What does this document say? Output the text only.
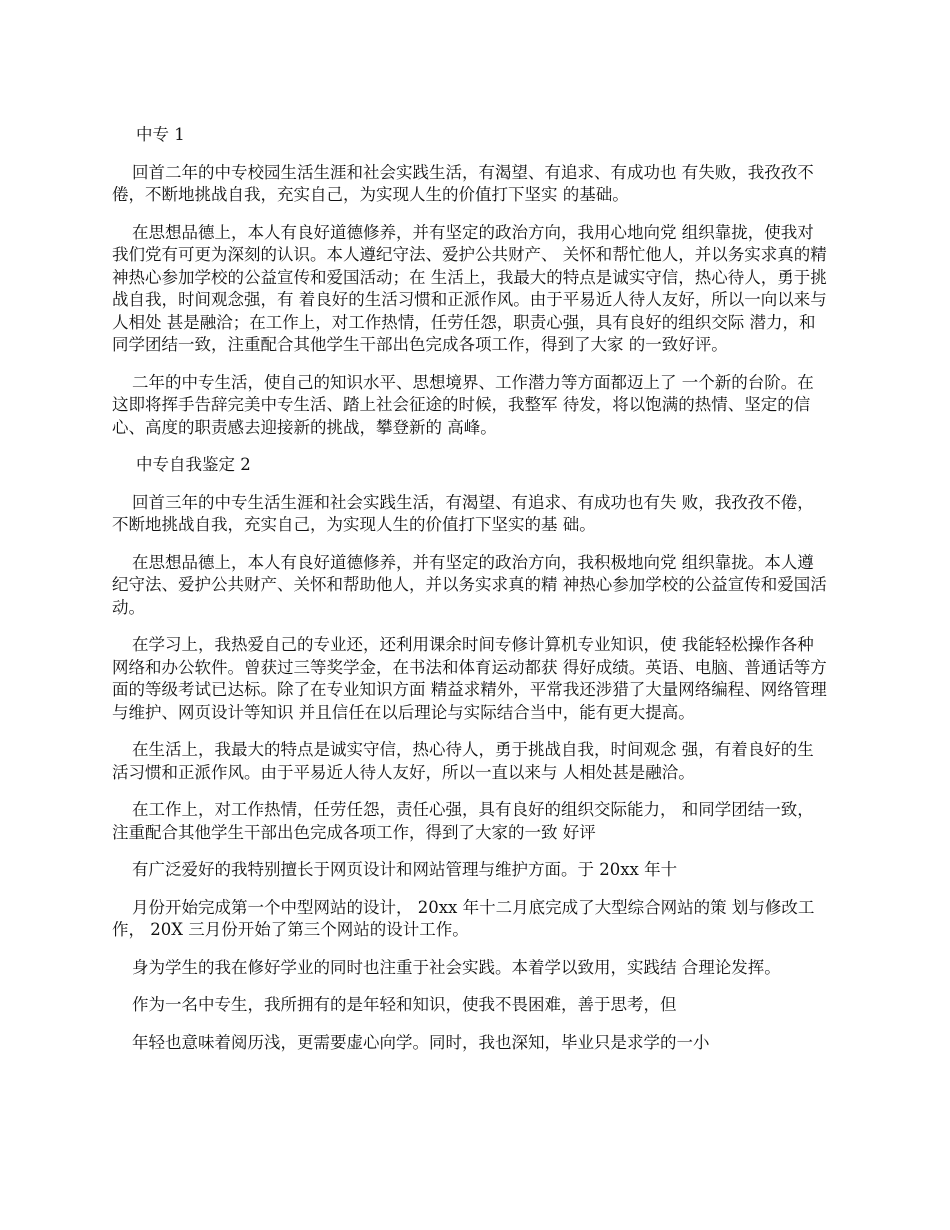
中专 1

回首二年的中专校园生活生涯和社会实践生活，有渴望、有追求、有成功也 有失败，我孜孜不倦，不断地挑战自我，充实自己，为实现人生的价值打下坚实 的基础。

在思想品德上，本人有良好道德修养，并有坚定的政治方向，我用心地向党 组织靠拢，使我对我们党有可更为深刻的认识。本人遵纪守法、爱护公共财产、 关怀和帮忙他人，并以务实求真的精神热心参加学校的公益宣传和爱国活动；在 生活上，我最大的特点是诚实守信，热心待人，勇于挑战自我，时间观念强，有 着良好的生活习惯和正派作风。由于平易近人待人友好，所以一向以来与人相处 甚是融洽；在工作上，对工作热情，任劳任怨，职责心强，具有良好的组织交际 潜力，和同学团结一致，注重配合其他学生干部出色完成各项工作，得到了大家 的一致好评。

二年的中专生活，使自己的知识水平、思想境界、工作潜力等方面都迈上了 一个新的台阶。在这即将挥手告辞完美中专生活、踏上社会征途的时候，我整军 待发，将以饱满的热情、坚定的信心、高度的职责感去迎接新的挑战，攀登新的 高峰。

中专自我鉴定 2

回首三年的中专生活生涯和社会实践生活，有渴望、有追求、有成功也有失 败，我孜孜不倦，不断地挑战自我，充实自己，为实现人生的价值打下坚实的基 础。

在思想品德上，本人有良好道德修养，并有坚定的政治方向，我积极地向党 组织靠拢。本人遵纪守法、爱护公共财产、关怀和帮助他人，并以务实求真的精 神热心参加学校的公益宣传和爱国活动。

在学习上，我热爱自己的专业还，还利用课余时间专修计算机专业知识，使 我能轻松操作各种网络和办公软件。曾获过三等奖学金，在书法和体育运动都获 得好成绩。英语、电脑、普通话等方面的等级考试已达标。除了在专业知识方面 精益求精外，平常我还涉猎了大量网络编程、网络管理与维护、网页设计等知识 并且信任在以后理论与实际结合当中，能有更大提高。

在生活上，我最大的特点是诚实守信，热心待人，勇于挑战自我，时间观念 强，有着良好的生活习惯和正派作风。由于平易近人待人友好，所以一直以来与 人相处甚是融洽。

在工作上，对工作热情，任劳任怨，责任心强，具有良好的组织交际能力， 和同学团结一致，注重配合其他学生干部出色完成各项工作，得到了大家的一致 好评

有广泛爱好的我特别擅长于网页设计和网站管理与维护方面。于 20xx 年十

月份开始完成第一个中型网站的设计， 20xx 年十二月底完成了大型综合网站的策 划与修改工作， 20X 三月份开始了第三个网站的设计工作。

身为学生的我在修好学业的同时也注重于社会实践。本着学以致用，实践结 合理论发挥。

作为一名中专生，我所拥有的是年轻和知识，使我不畏困难，善于思考，但

年轻也意味着阅历浅，更需要虚心向学。同时，我也深知，毕业只是求学的一小
